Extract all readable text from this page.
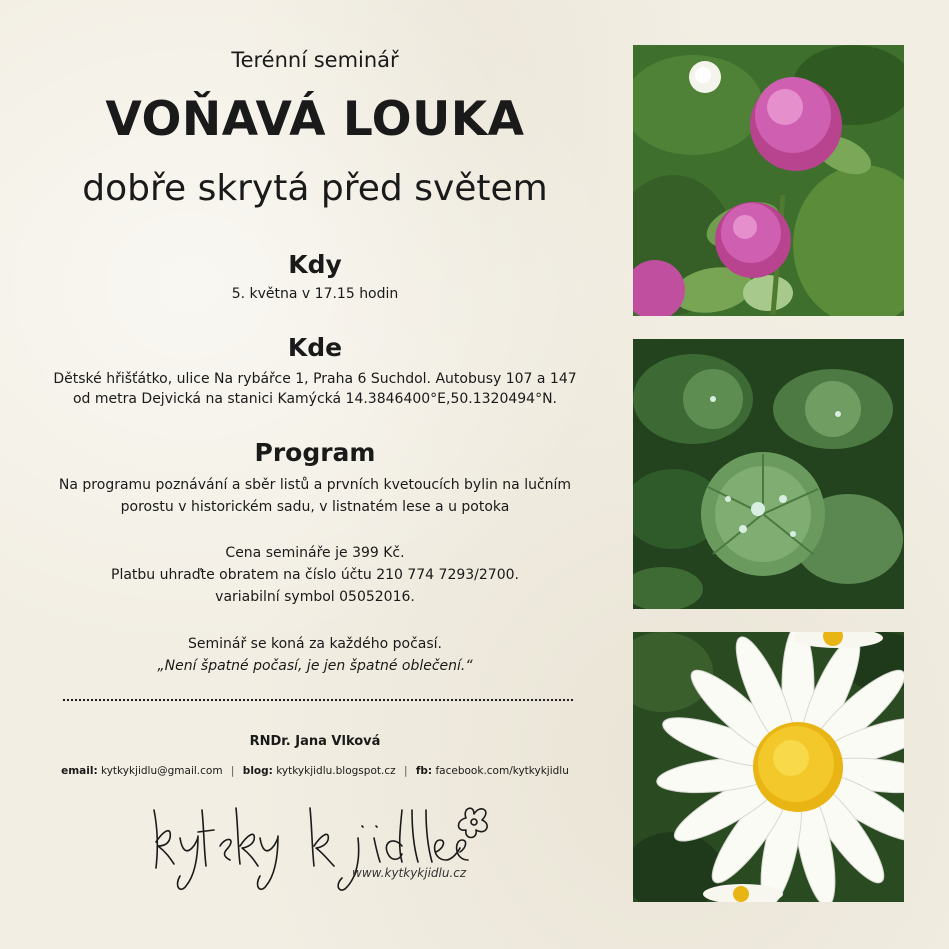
Terénní seminář
VOŇAVÁ LOUKA
dobře skrytá před světem
Kdy
5. května v 17.15 hodin
Kde
Dětské hřišťátko, ulice Na rybářce 1, Praha 6 Suchdol. Autobusy 107 a 147
od metra Dejvická na stanici Kamýcká 14.3846400°E,50.1320494°N.
Program
Na programu poznávání a sběr listů a prvních kvetoucích bylin na lučním
porostu v historickém sadu, v listnatém lese a u potoka
Cena semináře je 399 Kč.
Platbu uhraďte obratem na číslo účtu 210 774 7293/2700.
variabilní symbol 05052016.
Seminář se koná za každého počasí.
„Není špatné počasí, je jen špatné oblečení.“
RNDr. Jana Vlková
email: kytkykjidlu@gmail.com | blog: kytkykjidlu.blogspot.cz | fb: facebook.com/kytkykjidlu
www.kytkykjidlu.cz
